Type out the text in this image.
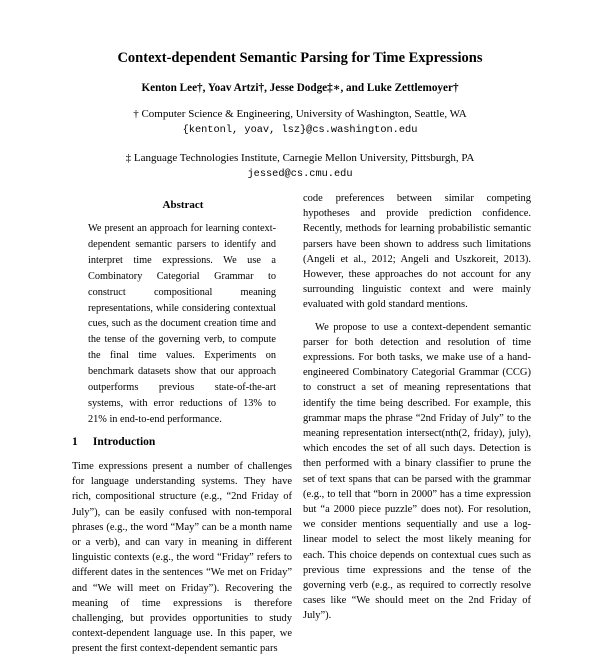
Context-dependent Semantic Parsing for Time Expressions
Kenton Lee†, Yoav Artzi†, Jesse Dodge‡∗, and Luke Zettlemoyer†
† Computer Science & Engineering, University of Washington, Seattle, WA
{kentonl, yoav, lsz}@cs.washington.edu
‡ Language Technologies Institute, Carnegie Mellon University, Pittsburgh, PA
jessed@cs.cmu.edu
Abstract
We present an approach for learning context-dependent semantic parsers to identify and interpret time expressions. We use a Combinatory Categorial Grammar to construct compositional meaning representations, while considering contextual cues, such as the document creation time and the tense of the governing verb, to compute the final time values. Experiments on benchmark datasets show that our approach outperforms previous state-of-the-art systems, with error reductions of 13% to 21% in end-to-end performance.
1 Introduction

Time expressions present a number of challenges for language understanding systems. They have rich, compositional structure (e.g., “2nd Friday of July”), can be easily confused with non-temporal phrases (e.g., the word “May” can be a month name or a verb), and can vary in meaning in different linguistic contexts (e.g., the word “Friday” refers to different dates in the sentences “We met on Friday” and “We will meet on Friday”). Recovering the meaning of time expressions is therefore challenging, but provides opportunities to study context-dependent language use. In this paper, we present the first context-dependent semantic pars

code preferences between similar competing hypotheses and provide prediction confidence. Recently, methods for learning probabilistic semantic parsers have been shown to address such limitations (Angeli et al., 2012; Angeli and Uszkoreit, 2013). However, these approaches do not account for any surrounding linguistic context and were mainly evaluated with gold standard mentions.

We propose to use a context-dependent semantic parser for both detection and resolution of time expressions. For both tasks, we make use of a hand-engineered Combinatory Categorial Grammar (CCG) to construct a set of meaning representations that identify the time being described. For example, this grammar maps the phrase “2nd Friday of July” to the meaning representation intersect(nth(2, friday), july), which encodes the set of all such days. Detection is then performed with a binary classifier to prune the set of text spans that can be parsed with the grammar (e.g., to tell that “born in 2000” has a time expression but “a 2000 piece puzzle” does not). For resolution, we consider mentions sequentially and use a log-linear model to select the most likely meaning for each. This choice depends on contextual cues such as previous time expressions and the tense of the governing verb (e.g., as required to correctly resolve cases like “We should meet on the 2nd Friday of July”).
